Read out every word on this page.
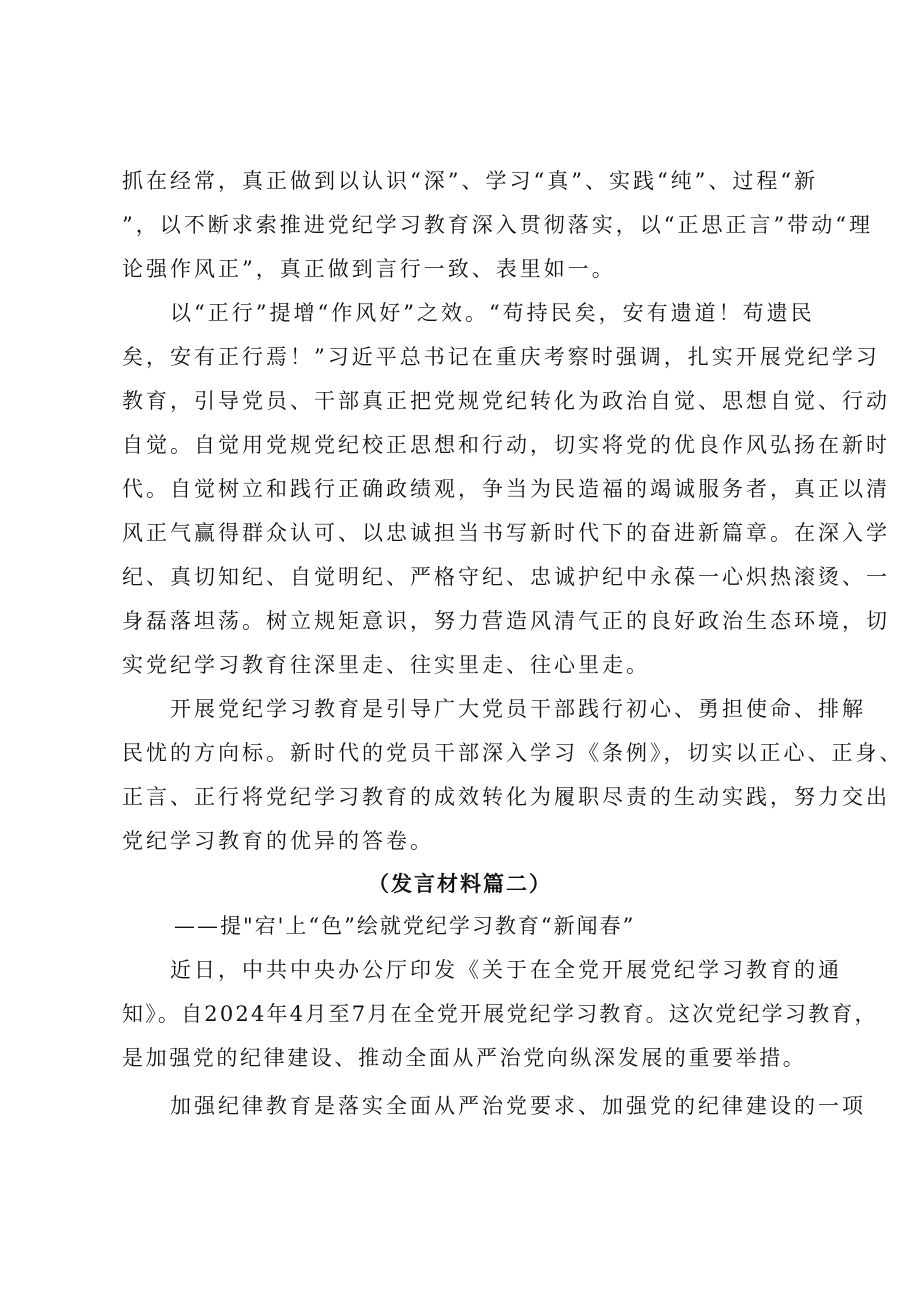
抓在经常，真正做到以认识“深”、学习“真”、实践“纯”、过程“新
”，以不断求索推进党纪学习教育深入贯彻落实，以“正思正言”带动“理
论强作风正”，真正做到言行一致、表里如一。
以“正行”提增“作风好”之效。“苟持民矣，安有遗道！苟遗民
矣，安有正行焉！”习近平总书记在重庆考察时强调，扎实开展党纪学习
教育，引导党员、干部真正把党规党纪转化为政治自觉、思想自觉、行动
自觉。自觉用党规党纪校正思想和行动，切实将党的优良作风弘扬在新时
代。自觉树立和践行正确政绩观，争当为民造福的竭诚服务者，真正以清
风正气赢得群众认可、以忠诚担当书写新时代下的奋进新篇章。在深入学
纪、真切知纪、自觉明纪、严格守纪、忠诚护纪中永葆一心炽热滚烫、一
身磊落坦荡。树立规矩意识，努力营造风清气正的良好政治生态环境，切
实党纪学习教育往深里走、往实里走、往心里走。
开展党纪学习教育是引导广大党员干部践行初心、勇担使命、排解
民忧的方向标。新时代的党员干部深入学习《条例》，切实以正心、正身、
正言、正行将党纪学习教育的成效转化为履职尽责的生动实践，努力交出
党纪学习教育的优异的答卷。
（发言材料篇二）
——提"宕'上“色”绘就党纪学习教育“新闻春”
近日，中共中央办公厅印发《关于在全党开展党纪学习教育的通
知》。自2024年4月至7月在全党开展党纪学习教育。这次党纪学习教育，
是加强党的纪律建设、推动全面从严治党向纵深发展的重要举措。
加强纪律教育是落实全面从严治党要求、加强党的纪律建设的一项
